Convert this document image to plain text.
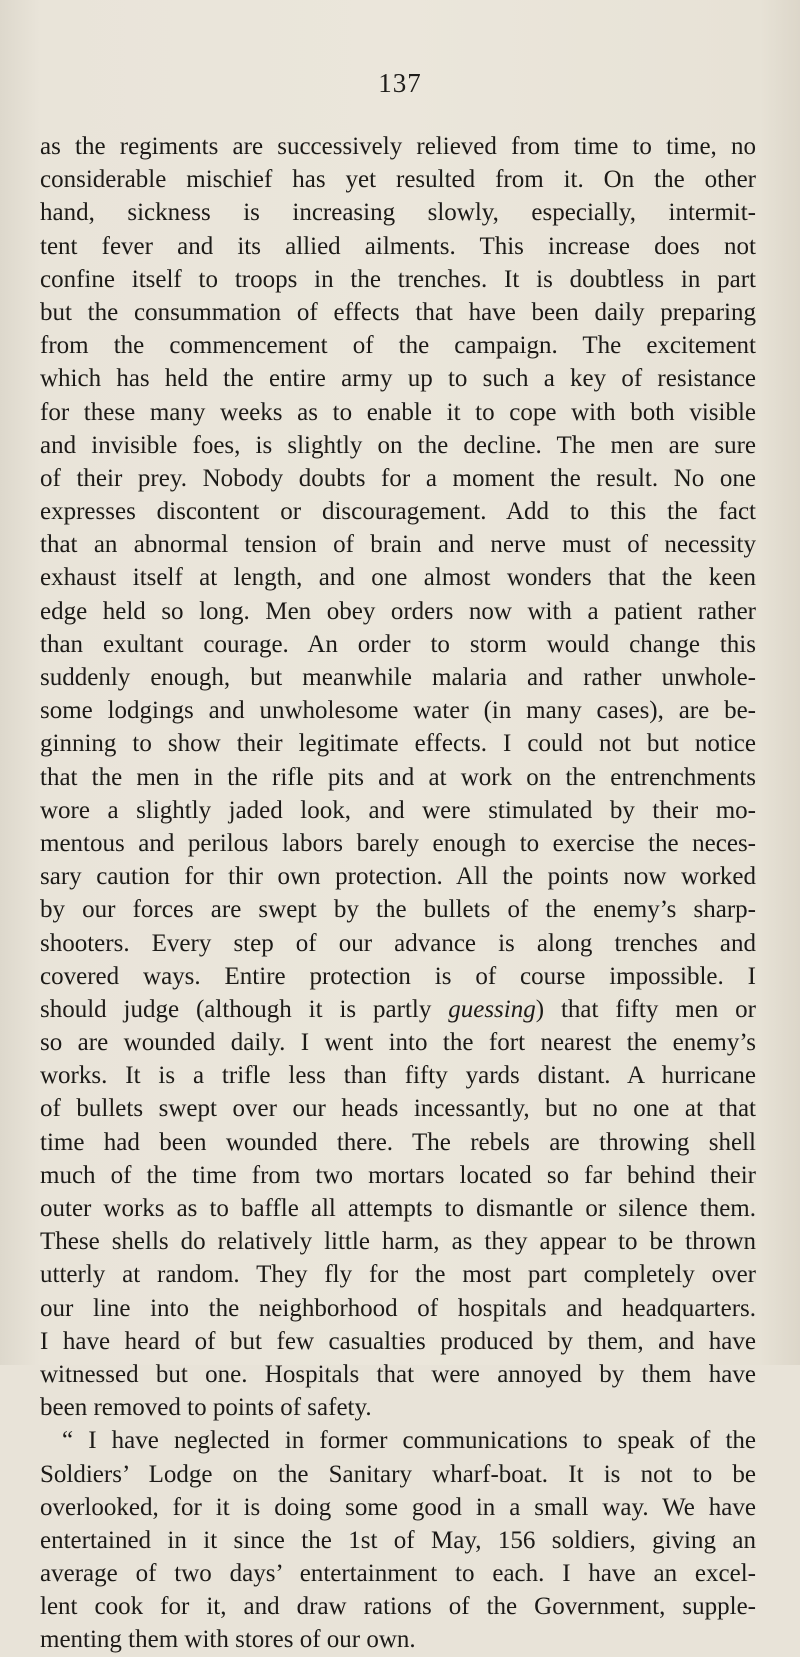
137
as the regiments are successively relieved from time to time, no
considerable mischief has yet resulted from it. On the other
hand, sickness is increasing slowly, especially, intermit-
tent fever and its allied ailments. This increase does not
confine itself to troops in the trenches. It is doubtless in part
but the consummation of effects that have been daily preparing
from the commencement of the campaign. The excitement
which has held the entire army up to such a key of resistance
for these many weeks as to enable it to cope with both visible
and invisible foes, is slightly on the decline. The men are sure
of their prey. Nobody doubts for a moment the result. No one
expresses discontent or discouragement. Add to this the fact
that an abnormal tension of brain and nerve must of necessity
exhaust itself at length, and one almost wonders that the keen
edge held so long. Men obey orders now with a patient rather
than exultant courage. An order to storm would change this
suddenly enough, but meanwhile malaria and rather unwhole-
some lodgings and unwholesome water (in many cases), are be-
ginning to show their legitimate effects. I could not but notice
that the men in the rifle pits and at work on the entrenchments
wore a slightly jaded look, and were stimulated by their mo-
mentous and perilous labors barely enough to exercise the neces-
sary caution for thir own protection. All the points now worked
by our forces are swept by the bullets of the enemy’s sharp-
shooters. Every step of our advance is along trenches and
covered ways. Entire protection is of course impossible. I
should judge (although it is partly guessing) that fifty men or
so are wounded daily. I went into the fort nearest the enemy’s
works. It is a trifle less than fifty yards distant. A hurricane
of bullets swept over our heads incessantly, but no one at that
time had been wounded there. The rebels are throwing shell
much of the time from two mortars located so far behind their
outer works as to baffle all attempts to dismantle or silence them.
These shells do relatively little harm, as they appear to be thrown
utterly at random. They fly for the most part completely over
our line into the neighborhood of hospitals and headquarters.
I have heard of but few casualties produced by them, and have
witnessed but one. Hospitals that were annoyed by them have
been removed to points of safety.
“ I have neglected in former communications to speak of the
Soldiers’ Lodge on the Sanitary wharf-boat. It is not to be
overlooked, for it is doing some good in a small way. We have
entertained in it since the 1st of May, 156 soldiers, giving an
average of two days’ entertainment to each. I have an excel-
lent cook for it, and draw rations of the Government, supple-
menting them with stores of our own.
